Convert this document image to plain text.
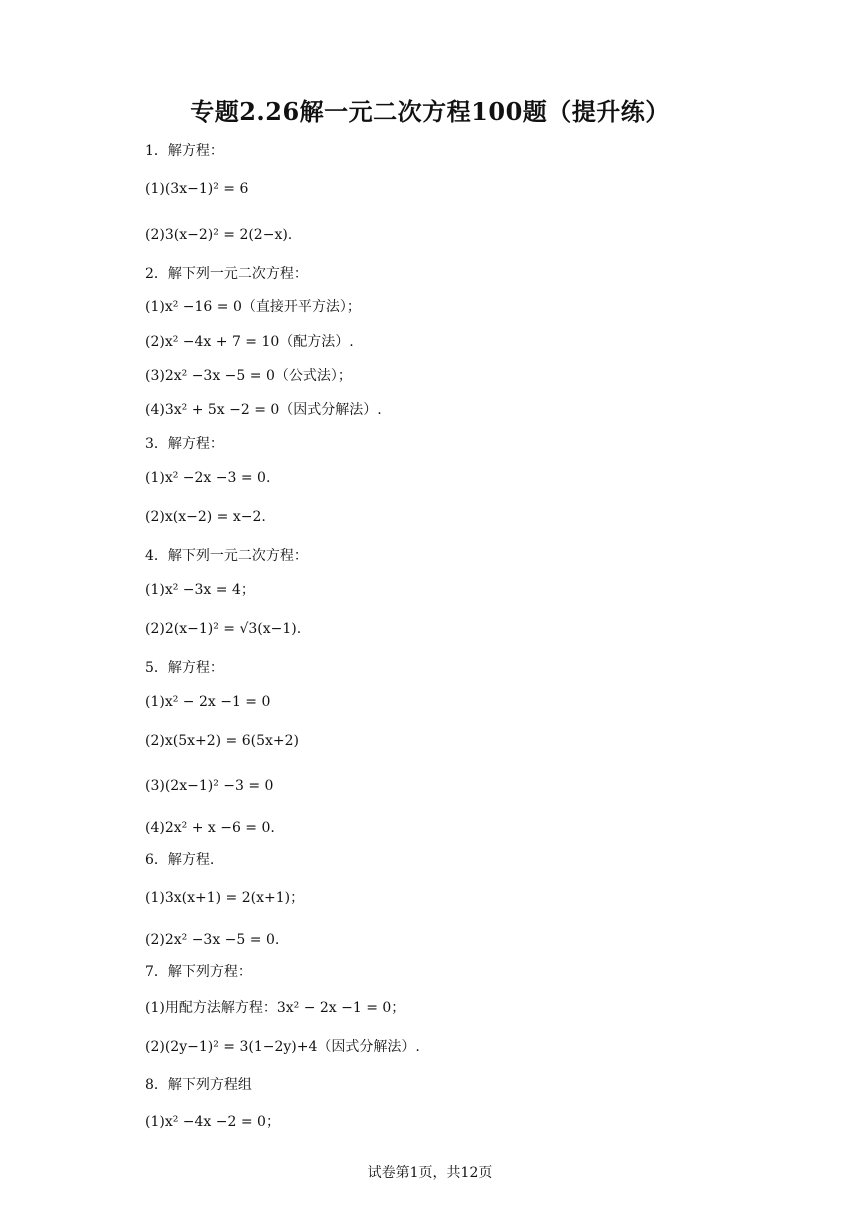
专题2.26解一元二次方程100题（提升练）
1．解方程：
(1)(3x−1)² = 6
(2)3(x−2)² = 2(2−x).
2．解下列一元二次方程：
(1)x² −16 = 0（直接开平方法）；
(2)x² −4x + 7 = 10（配方法）.
(3)2x² −3x −5 = 0（公式法）；
(4)3x² + 5x −2 = 0（因式分解法）.
3．解方程：
(1)x² −2x −3 = 0.
(2)x(x−2) = x−2.
4．解下列一元二次方程：
(1)x² −3x = 4；
(2)2(x−1)² = √3(x−1).
5．解方程：
(1)x² − 2x −1 = 0
(2)x(5x+2) = 6(5x+2)
(3)(2x−1)² −3 = 0
(4)2x² + x −6 = 0.
6．解方程.
(1)3x(x+1) = 2(x+1)；
(2)2x² −3x −5 = 0.
7．解下列方程：
(1)用配方法解方程：3x² − 2x −1 = 0；
(2)(2y−1)² = 3(1−2y)+4（因式分解法）.
8．解下列方程组
(1)x² −4x −2 = 0；
试卷第1页，共12页
